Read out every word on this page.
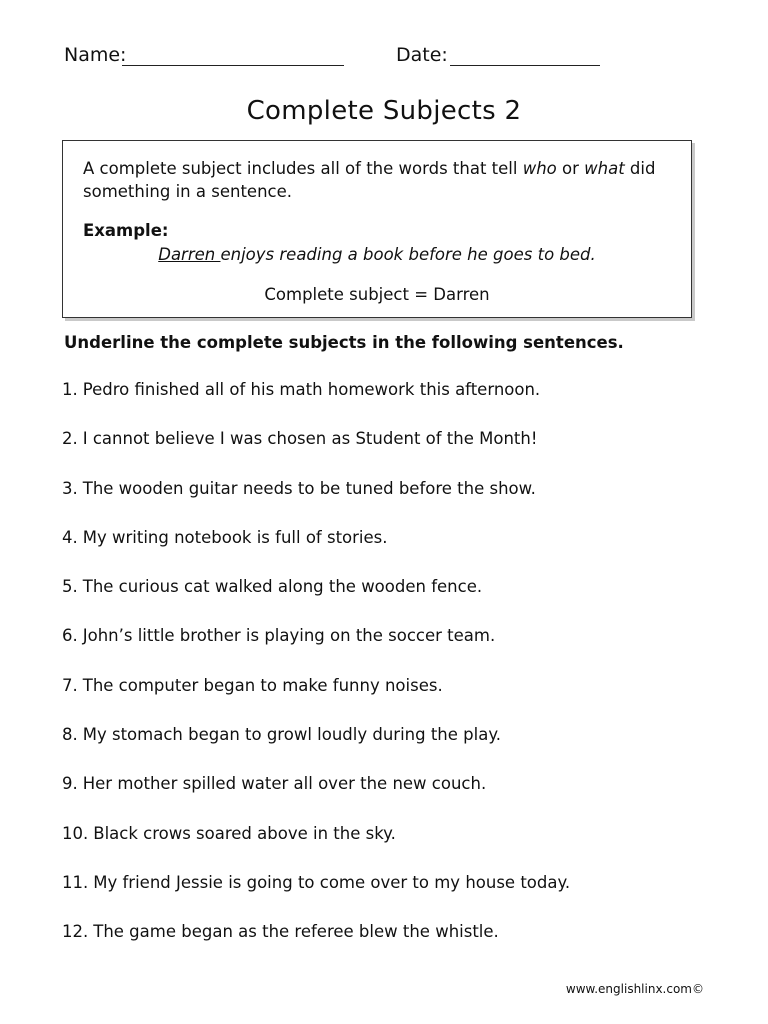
Name:	Date:
Complete Subjects 2
A complete subject includes all of the words that tell who or what did something in a sentence.
Example:
Darren enjoys reading a book before he goes to bed.
Complete subject = Darren
Underline the complete subjects in the following sentences.
1. Pedro finished all of his math homework this afternoon.
2. I cannot believe I was chosen as Student of the Month!
3. The wooden guitar needs to be tuned before the show.
4. My writing notebook is full of stories.
5. The curious cat walked along the wooden fence.
6. John’s little brother is playing on the soccer team.
7. The computer began to make funny noises.
8. My stomach began to growl loudly during the play.
9. Her mother spilled water all over the new couch.
10. Black crows soared above in the sky.
11. My friend Jessie is going to come over to my house today.
12. The game began as the referee blew the whistle.
www.englishlinx.com©
